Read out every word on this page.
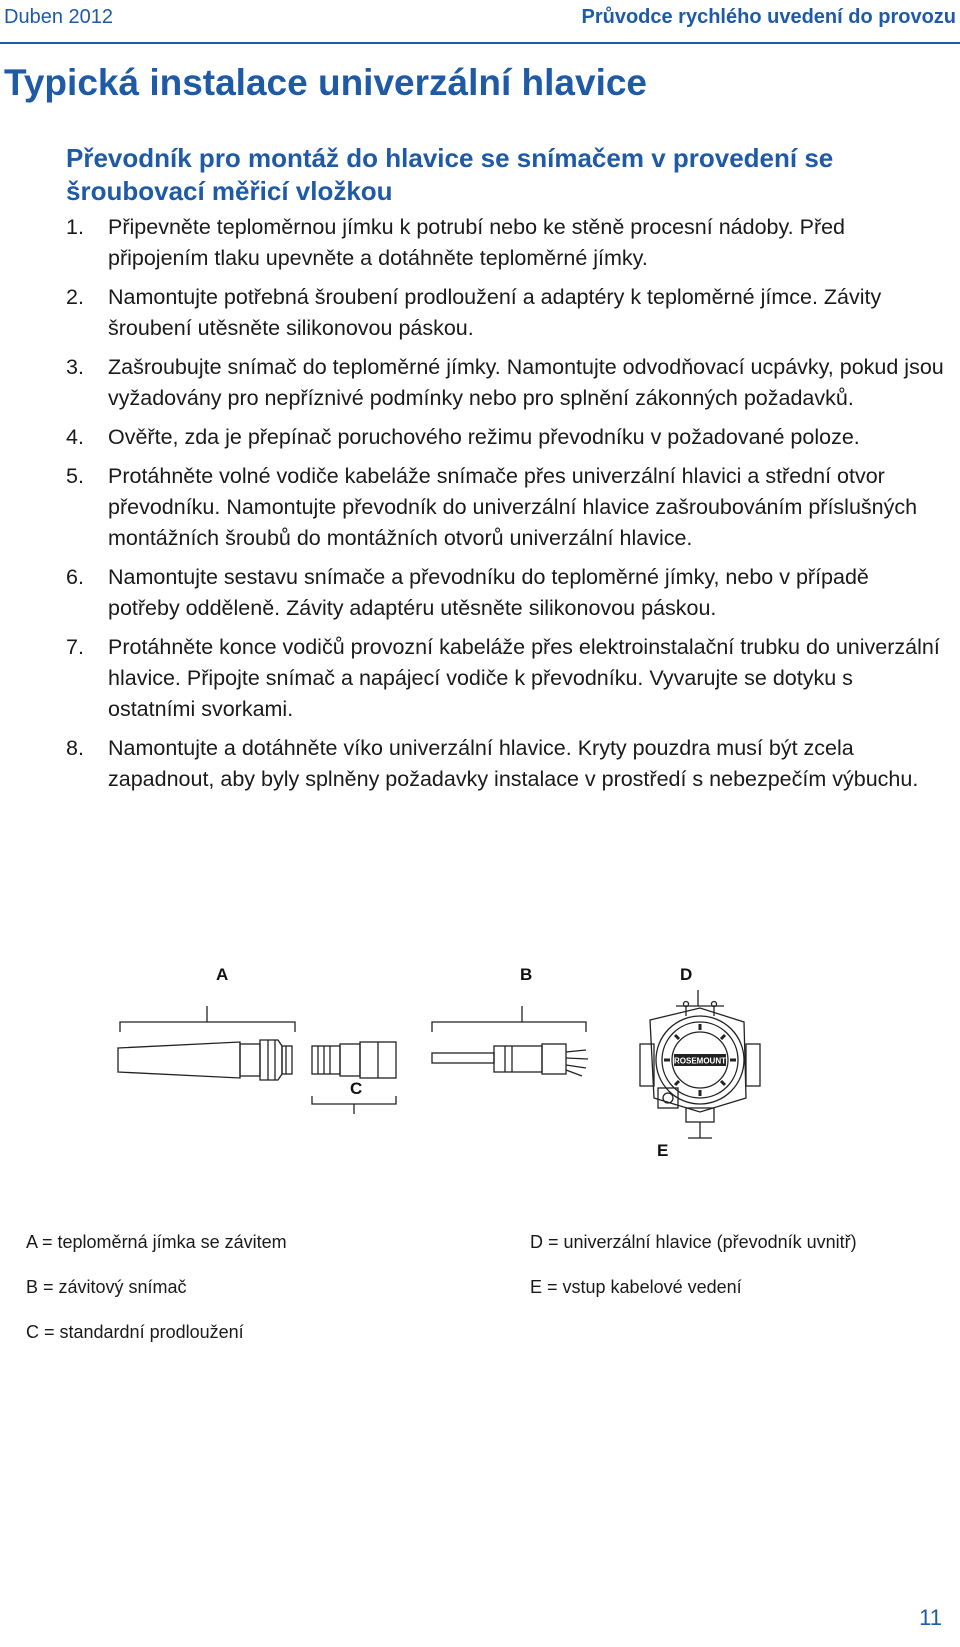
Duben 2012	Průvodce rychlého uvedení do provozu
Typická instalace univerzální hlavice
Převodník pro montáž do hlavice se snímačem v provedení se šroubovací měřicí vložkou
1.	Připevněte teploměrnou jímku k potrubí nebo ke stěně procesní nádoby. Před připojením tlaku upevněte a dotáhněte teploměrné jímky.
2.	Namontujte potřebná šroubení prodloužení a adaptéry k teploměrné jímce. Závity šroubení utěsněte silikonovou páskou.
3.	Zašroubujte snímač do teploměrné jímky. Namontujte odvodňovací ucpávky, pokud jsou vyžadovány pro nepříznivé podmínky nebo pro splnění zákonných požadavků.
4.	Ověřte, zda je přepínač poruchového režimu převodníku v požadované poloze.
5.	Protáhněte volné vodiče kabeláže snímače přes univerzální hlavici a střední otvor převodníku. Namontujte převodník do univerzální hlavice zašroubováním příslušných montážních šroubů do montážních otvorů univerzální hlavice.
6.	Namontujte sestavu snímače a převodníku do teploměrné jímky, nebo v případě potřeby odděleně. Závity adaptéru utěsněte silikonovou páskou.
7.	Protáhněte konce vodičů provozní kabeláže přes elektroinstalační trubku do univerzální hlavice. Připojte snímač a napájecí vodiče k převodníku. Vyvarujte se dotyku s ostatními svorkami.
8.	Namontujte a dotáhněte víko univerzální hlavice. Kryty pouzdra musí být zcela zapadnout, aby byly splněny požadavky instalace v prostředí s nebezpečím výbuchu.
ROSEMOUNT
A	B
C
D
E
A = teploměrná jímka se závitem
B = závitový snímač
C = standardní prodloužení
D = univerzální hlavice (převodník uvnitř)
E = vstup kabelové vedení
11
